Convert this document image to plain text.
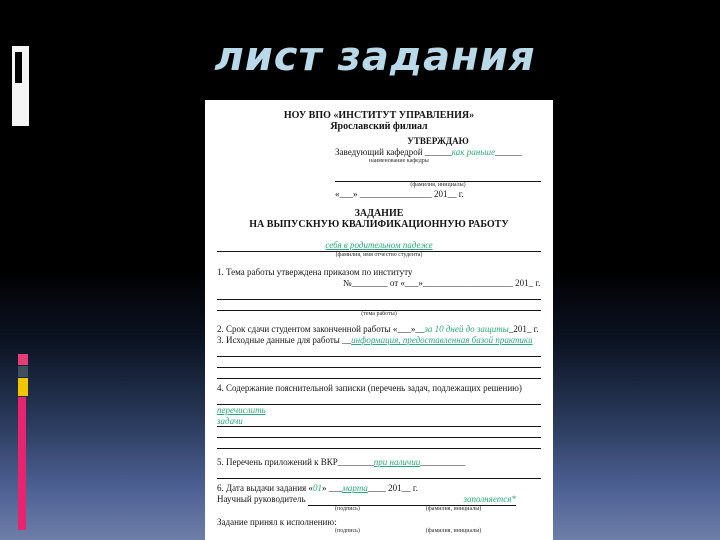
лист задания
НОУ ВПО «ИНСТИТУТ УПРАВЛЕНИЯ»
Ярославский филиал
УТВЕРЖДАЮ
Заведующий кафедрой ______как раньше______
наименование кафедры
(фамилия, инициалы)
«___» ________________ 201__ г.
ЗАДАНИЕ
НА ВЫПУСКНУЮ КВАЛИФИКАЦИОННУЮ РАБОТУ
себя в родительном падеже
(фамилия, имя отчество студента)
1. Тема работы утверждена приказом по институту
№________ от «___»____________________ 201_ г.
(тема работы)
2. Срок сдачи студентом законченной работы «___»__за 10 дней до защиты_201_ г.
3. Исходные данные для работы __информация, предоставленная базой практики
4. Содержание пояснительной записки (перечень задач, подлежащих решению)
перечислить
задачи
5. Перечень приложений к ВКР________при наличии__________
6. Дата выдачи задания «01» ___марта____ 201__ г.
Научный руководитель	заполняется*
(подпись)	(фамилия, инициалы)
Задание принял к исполнению:
(подпись)	(фамилия, инициалы)
